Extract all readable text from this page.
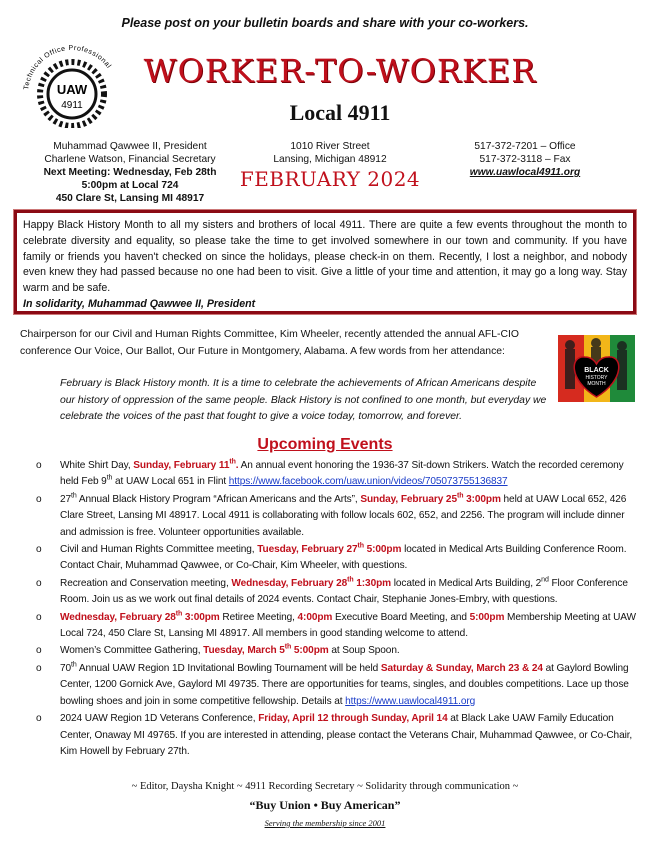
Please post on your bulletin boards and share with your co-workers.
Technical Office Professional
UAW
4911
WORKER-TO-WORKER
Local 4911
Muhammad Qawwee II, President
Charlene Watson, Financial Secretary
Next Meeting: Wednesday, Feb 28th
5:00pm at Local 724
450 Clare St, Lansing MI 48917
1010 River Street
Lansing, Michigan 48912
FEBRUARY 2024
517-372-7201 – Office
517-372-3118 – Fax
www.uawlocal4911.org
Happy Black History Month to all my sisters and brothers of local 4911. There are quite a few events throughout the month to celebrate diversity and equality, so please take the time to get involved somewhere in our town and community. If you have family or friends you haven't checked on since the holidays, please check-in on them. Recently, I lost a neighbor, and nobody even knew they had passed because no one had been to visit. Give a little of your time and attention, it may go a long way. Stay warm and be safe.
In solidarity, Muhammad Qawwee II, President
Chairperson for our Civil and Human Rights Committee, Kim Wheeler, recently attended the annual AFL-CIO conference Our Voice, Our Ballot, Our Future in Montgomery, Alabama. A few words from her attendance:
February is Black History month. It is a time to celebrate the achievements of African Americans despite our history of oppression of the same people. Black History is not confined to one month, but everyday we celebrate the voices of the past that fought to give a voice today, tomorrow, and forever.
BLACK
HISTORY
MONTH
Upcoming Events
o White Shirt Day, Sunday, February 11th. An annual event honoring the 1936-37 Sit-down Strikers. Watch the recorded ceremony held Feb 9th at UAW Local 651 in Flint https://www.facebook.com/uaw.union/videos/705073755136837
o 27th Annual Black History Program “African Americans and the Arts”, Sunday, February 25th 3:00pm held at UAW Local 652, 426 Clare Street, Lansing MI 48917. Local 4911 is collaborating with follow locals 602, 652, and 2256. The program will include dinner and admission is free. Volunteer opportunities available.
o Civil and Human Rights Committee meeting, Tuesday, February 27th 5:00pm located in Medical Arts Building Conference Room. Contact Chair, Muhammad Qawwee, or Co-Chair, Kim Wheeler, with questions.
o Recreation and Conservation meeting, Wednesday, February 28th 1:30pm located in Medical Arts Building, 2nd Floor Conference Room. Join us as we work out final details of 2024 events. Contact Chair, Stephanie Jones-Embry, with questions.
o Wednesday, February 28th 3:00pm Retiree Meeting, 4:00pm Executive Board Meeting, and 5:00pm Membership Meeting at UAW Local 724, 450 Clare St, Lansing MI 48917. All members in good standing welcome to attend.
o Women’s Committee Gathering, Tuesday, March 5th 5:00pm at Soup Spoon.
o 70th Annual UAW Region 1D Invitational Bowling Tournament will be held Saturday & Sunday, March 23 & 24 at Gaylord Bowling Center, 1200 Gornick Ave, Gaylord MI 49735. There are opportunities for teams, singles, and doubles competitions. Lace up those bowling shoes and join in some competitive fellowship. Details at https://www.uawlocal4911.org
o 2024 UAW Region 1D Veterans Conference, Friday, April 12 through Sunday, April 14 at Black Lake UAW Family Education Center, Onaway MI 49765. If you are interested in attending, please contact the Veterans Chair, Muhammad Qawwee, or Co-Chair, Kim Howell by February 27th.
~ Editor, Daysha Knight ~ 4911 Recording Secretary ~ Solidarity through communication ~
“Buy Union • Buy American”
Serving the membership since 2001
